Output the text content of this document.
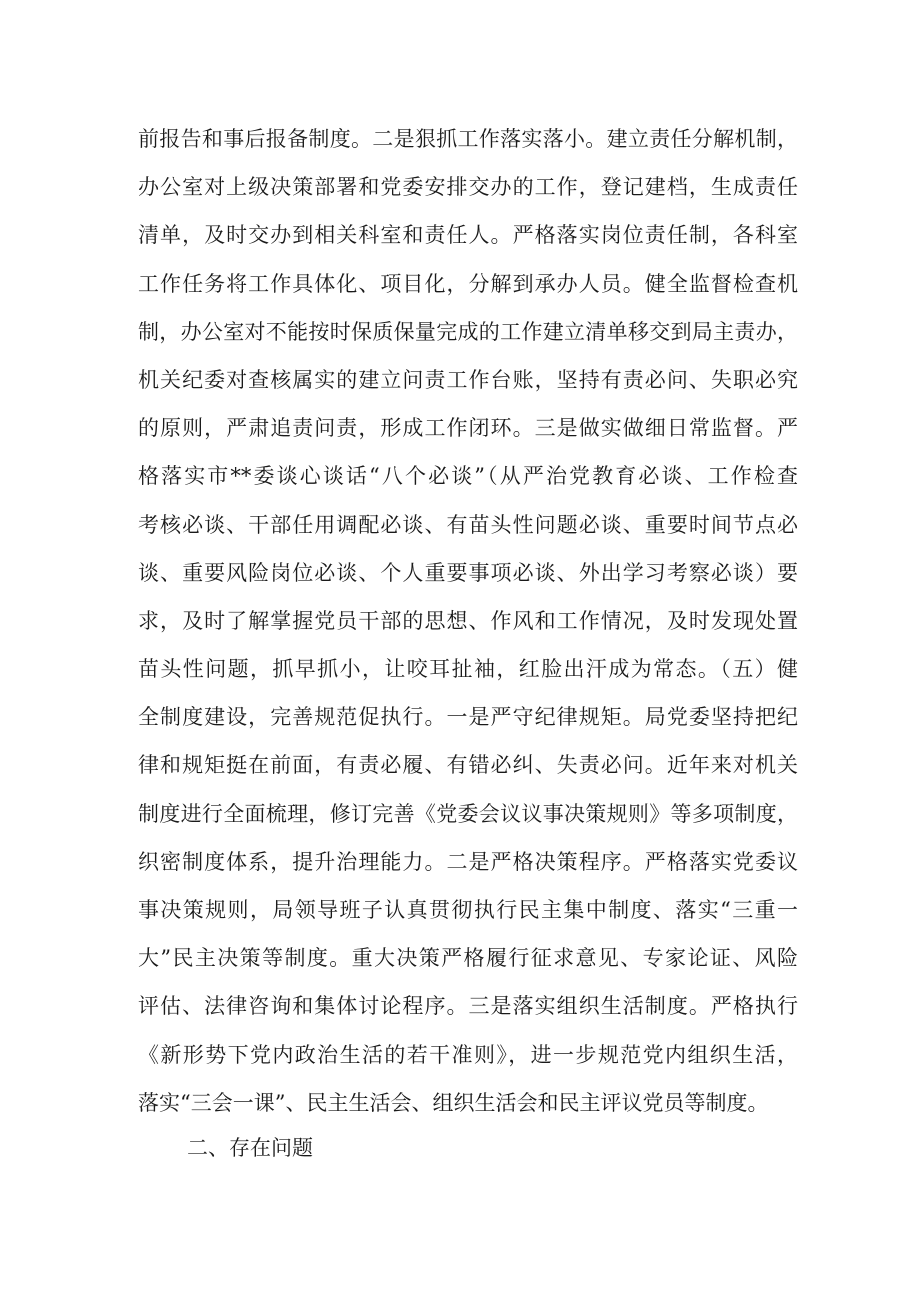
前报告和事后报备制度。二是狠抓工作落实落小。建立责任分解机制，
办公室对上级决策部署和党委安排交办的工作，登记建档，生成责任
清单，及时交办到相关科室和责任人。严格落实岗位责任制，各科室
工作任务将工作具体化、项目化，分解到承办人员。健全监督检查机
制，办公室对不能按时保质保量完成的工作建立清单移交到局主责办，
机关纪委对查核属实的建立问责工作台账，坚持有责必问、失职必究
的原则，严肃追责问责，形成工作闭环。三是做实做细日常监督。严
格落实市**委谈心谈话“八个必谈”（从严治党教育必谈、工作检查
考核必谈、干部任用调配必谈、有苗头性问题必谈、重要时间节点必
谈、重要风险岗位必谈、个人重要事项必谈、外出学习考察必谈）要
求，及时了解掌握党员干部的思想、作风和工作情况，及时发现处置
苗头性问题，抓早抓小，让咬耳扯袖，红脸出汗成为常态。（五）健
全制度建设，完善规范促执行。一是严守纪律规矩。局党委坚持把纪
律和规矩挺在前面，有责必履、有错必纠、失责必问。近年来对机关
制度进行全面梳理，修订完善《党委会议议事决策规则》等多项制度，
织密制度体系，提升治理能力。二是严格决策程序。严格落实党委议
事决策规则，局领导班子认真贯彻执行民主集中制度、落实“三重一
大”民主决策等制度。重大决策严格履行征求意见、专家论证、风险
评估、法律咨询和集体讨论程序。三是落实组织生活制度。严格执行
《新形势下党内政治生活的若干准则》，进一步规范党内组织生活，
落实“三会一课”、民主生活会、组织生活会和民主评议党员等制度。
二、存在问题
